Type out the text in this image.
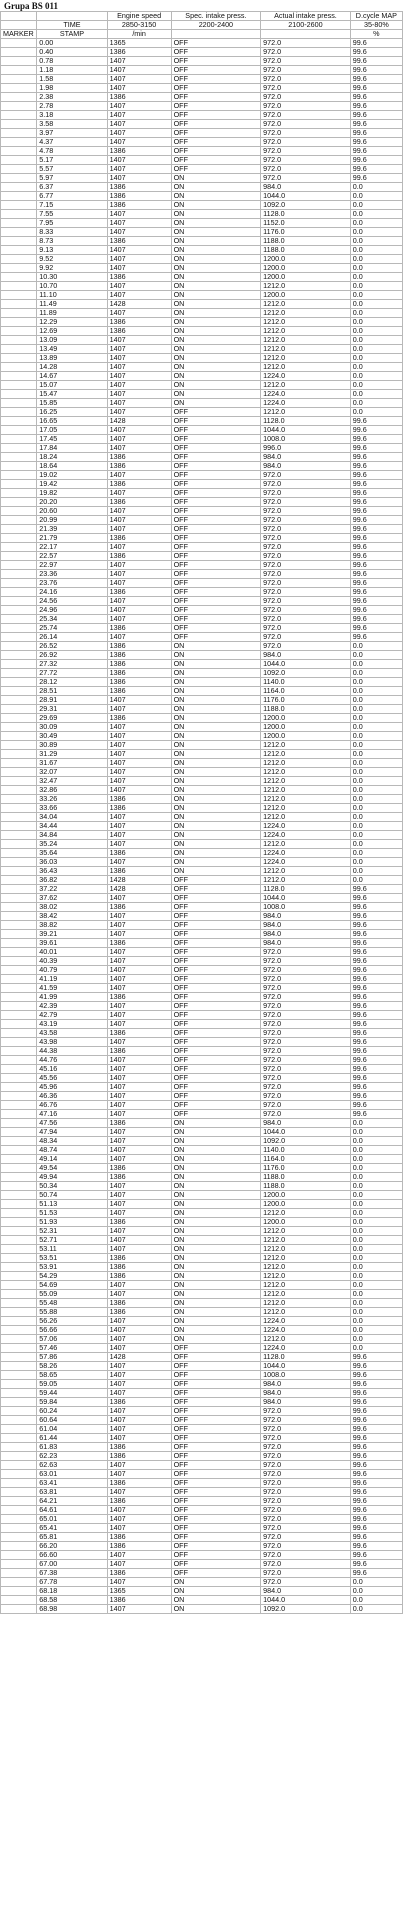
Grupa BS 011
		Engine speed	Spec. intake press.	Actual intake press.	D.cycle MAP
	TIME	2850-3150	2200-2400	2100-2600	35-80%
MARKER	STAMP	/min			%
	0.00	1365	OFF	972.0	99.6
	0.40	1386	OFF	972.0	99.6
	0.78	1407	OFF	972.0	99.6
	1.18	1407	OFF	972.0	99.6
	1.58	1407	OFF	972.0	99.6
	1.98	1407	OFF	972.0	99.6
	2.38	1386	OFF	972.0	99.6
	2.78	1407	OFF	972.0	99.6
	3.18	1407	OFF	972.0	99.6
	3.58	1407	OFF	972.0	99.6
	3.97	1407	OFF	972.0	99.6
	4.37	1407	OFF	972.0	99.6
	4.78	1386	OFF	972.0	99.6
	5.17	1407	OFF	972.0	99.6
	5.57	1407	OFF	972.0	99.6
	5.97	1407	ON	972.0	99.6
	6.37	1386	ON	984.0	0.0
	6.77	1386	ON	1044.0	0.0
	7.15	1386	ON	1092.0	0.0
	7.55	1407	ON	1128.0	0.0
	7.95	1407	ON	1152.0	0.0
	8.33	1407	ON	1176.0	0.0
	8.73	1386	ON	1188.0	0.0
	9.13	1407	ON	1188.0	0.0
	9.52	1407	ON	1200.0	0.0
	9.92	1407	ON	1200.0	0.0
	10.30	1386	ON	1200.0	0.0
	10.70	1407	ON	1212.0	0.0
	11.10	1407	ON	1200.0	0.0
	11.49	1428	ON	1212.0	0.0
	11.89	1407	ON	1212.0	0.0
	12.29	1386	ON	1212.0	0.0
	12.69	1386	ON	1212.0	0.0
	13.09	1407	ON	1212.0	0.0
	13.49	1407	ON	1212.0	0.0
	13.89	1407	ON	1212.0	0.0
	14.28	1407	ON	1212.0	0.0
	14.67	1407	ON	1224.0	0.0
	15.07	1407	ON	1212.0	0.0
	15.47	1407	ON	1224.0	0.0
	15.85	1407	ON	1224.0	0.0
	16.25	1407	OFF	1212.0	0.0
	16.65	1428	OFF	1128.0	99.6
	17.05	1407	OFF	1044.0	99.6
	17.45	1407	OFF	1008.0	99.6
	17.84	1407	OFF	996.0	99.6
	18.24	1386	OFF	984.0	99.6
	18.64	1386	OFF	984.0	99.6
	19.02	1407	OFF	972.0	99.6
	19.42	1386	OFF	972.0	99.6
	19.82	1407	OFF	972.0	99.6
	20.20	1386	OFF	972.0	99.6
	20.60	1407	OFF	972.0	99.6
	20.99	1407	OFF	972.0	99.6
	21.39	1407	OFF	972.0	99.6
	21.79	1386	OFF	972.0	99.6
	22.17	1407	OFF	972.0	99.6
	22.57	1386	OFF	972.0	99.6
	22.97	1407	OFF	972.0	99.6
	23.36	1407	OFF	972.0	99.6
	23.76	1407	OFF	972.0	99.6
	24.16	1386	OFF	972.0	99.6
	24.56	1407	OFF	972.0	99.6
	24.96	1407	OFF	972.0	99.6
	25.34	1407	OFF	972.0	99.6
	25.74	1386	OFF	972.0	99.6
	26.14	1407	OFF	972.0	99.6
	26.52	1386	ON	972.0	0.0
	26.92	1386	ON	984.0	0.0
	27.32	1386	ON	1044.0	0.0
	27.72	1386	ON	1092.0	0.0
	28.12	1386	ON	1140.0	0.0
	28.51	1386	ON	1164.0	0.0
	28.91	1407	ON	1176.0	0.0
	29.31	1407	ON	1188.0	0.0
	29.69	1386	ON	1200.0	0.0
	30.09	1407	ON	1200.0	0.0
	30.49	1407	ON	1200.0	0.0
	30.89	1407	ON	1212.0	0.0
	31.29	1407	ON	1212.0	0.0
	31.67	1407	ON	1212.0	0.0
	32.07	1407	ON	1212.0	0.0
	32.47	1407	ON	1212.0	0.0
	32.86	1407	ON	1212.0	0.0
	33.26	1386	ON	1212.0	0.0
	33.66	1386	ON	1212.0	0.0
	34.04	1407	ON	1212.0	0.0
	34.44	1407	ON	1224.0	0.0
	34.84	1407	ON	1224.0	0.0
	35.24	1407	ON	1212.0	0.0
	35.64	1386	ON	1224.0	0.0
	36.03	1407	ON	1224.0	0.0
	36.43	1386	ON	1212.0	0.0
	36.82	1428	OFF	1212.0	0.0
	37.22	1428	OFF	1128.0	99.6
	37.62	1407	OFF	1044.0	99.6
	38.02	1386	OFF	1008.0	99.6
	38.42	1407	OFF	984.0	99.6
	38.82	1407	OFF	984.0	99.6
	39.21	1407	OFF	984.0	99.6
	39.61	1386	OFF	984.0	99.6
	40.01	1407	OFF	972.0	99.6
	40.39	1407	OFF	972.0	99.6
	40.79	1407	OFF	972.0	99.6
	41.19	1407	OFF	972.0	99.6
	41.59	1407	OFF	972.0	99.6
	41.99	1386	OFF	972.0	99.6
	42.39	1407	OFF	972.0	99.6
	42.79	1407	OFF	972.0	99.6
	43.19	1407	OFF	972.0	99.6
	43.58	1386	OFF	972.0	99.6
	43.98	1407	OFF	972.0	99.6
	44.38	1386	OFF	972.0	99.6
	44.76	1407	OFF	972.0	99.6
	45.16	1407	OFF	972.0	99.6
	45.56	1407	OFF	972.0	99.6
	45.96	1407	OFF	972.0	99.6
	46.36	1407	OFF	972.0	99.6
	46.76	1407	OFF	972.0	99.6
	47.16	1407	OFF	972.0	99.6
	47.56	1386	ON	984.0	0.0
	47.94	1407	ON	1044.0	0.0
	48.34	1407	ON	1092.0	0.0
	48.74	1407	ON	1140.0	0.0
	49.14	1407	ON	1164.0	0.0
	49.54	1386	ON	1176.0	0.0
	49.94	1386	ON	1188.0	0.0
	50.34	1407	ON	1188.0	0.0
	50.74	1407	ON	1200.0	0.0
	51.13	1407	ON	1200.0	0.0
	51.53	1407	ON	1212.0	0.0
	51.93	1386	ON	1200.0	0.0
	52.31	1407	ON	1212.0	0.0
	52.71	1407	ON	1212.0	0.0
	53.11	1407	ON	1212.0	0.0
	53.51	1386	ON	1212.0	0.0
	53.91	1386	ON	1212.0	0.0
	54.29	1386	ON	1212.0	0.0
	54.69	1407	ON	1212.0	0.0
	55.09	1407	ON	1212.0	0.0
	55.48	1386	ON	1212.0	0.0
	55.88	1386	ON	1212.0	0.0
	56.26	1407	ON	1224.0	0.0
	56.66	1407	ON	1224.0	0.0
	57.06	1407	ON	1212.0	0.0
	57.46	1407	OFF	1224.0	0.0
	57.86	1428	OFF	1128.0	99.6
	58.26	1407	OFF	1044.0	99.6
	58.65	1407	OFF	1008.0	99.6
	59.05	1407	OFF	984.0	99.6
	59.44	1407	OFF	984.0	99.6
	59.84	1386	OFF	984.0	99.6
	60.24	1407	OFF	972.0	99.6
	60.64	1407	OFF	972.0	99.6
	61.04	1407	OFF	972.0	99.6
	61.44	1407	OFF	972.0	99.6
	61.83	1386	OFF	972.0	99.6
	62.23	1386	OFF	972.0	99.6
	62.63	1407	OFF	972.0	99.6
	63.01	1407	OFF	972.0	99.6
	63.41	1386	OFF	972.0	99.6
	63.81	1407	OFF	972.0	99.6
	64.21	1386	OFF	972.0	99.6
	64.61	1407	OFF	972.0	99.6
	65.01	1407	OFF	972.0	99.6
	65.41	1407	OFF	972.0	99.6
	65.81	1386	OFF	972.0	99.6
	66.20	1386	OFF	972.0	99.6
	66.60	1407	OFF	972.0	99.6
	67.00	1407	OFF	972.0	99.6
	67.38	1386	OFF	972.0	99.6
	67.78	1407	ON	972.0	0.0
	68.18	1365	ON	984.0	0.0
	68.58	1386	ON	1044.0	0.0
	68.98	1407	ON	1092.0	0.0
